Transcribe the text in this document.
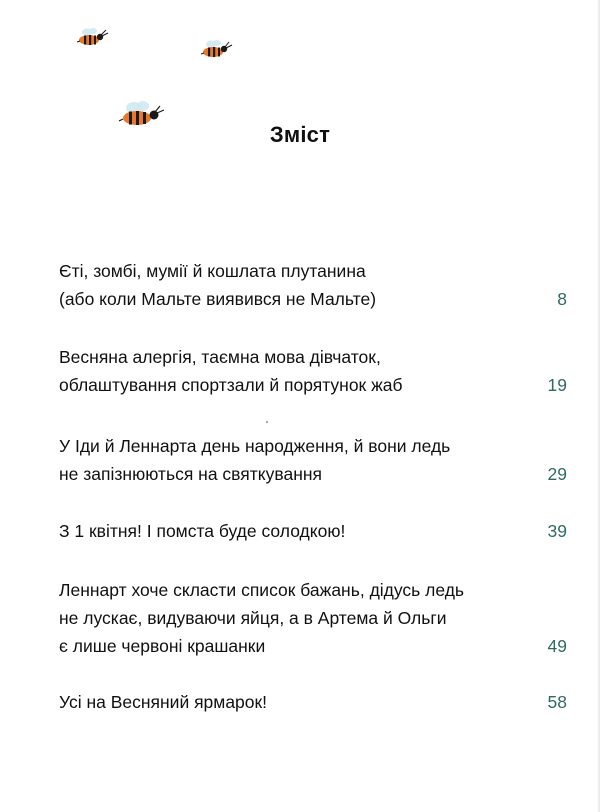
Зміст
Єті, зомбі, мумії й кошлата плутанина
(або коли Мальте виявився не Мальте)	8
Весняна алергія, таємна мова дівчаток,
облаштування спортзали й порятунок жаб	19
У Іди й Леннарта день народження, й вони ледь
не запізнюються на святкування	29
З 1 квітня! І помста буде солодкою!	39
Леннарт хоче скласти список бажань, дідусь ледь
не лускає, видуваючи яйця, а в Артема й Ольги
є лише червоні крашанки	49
Усі на Весняний ярмарок!	58
